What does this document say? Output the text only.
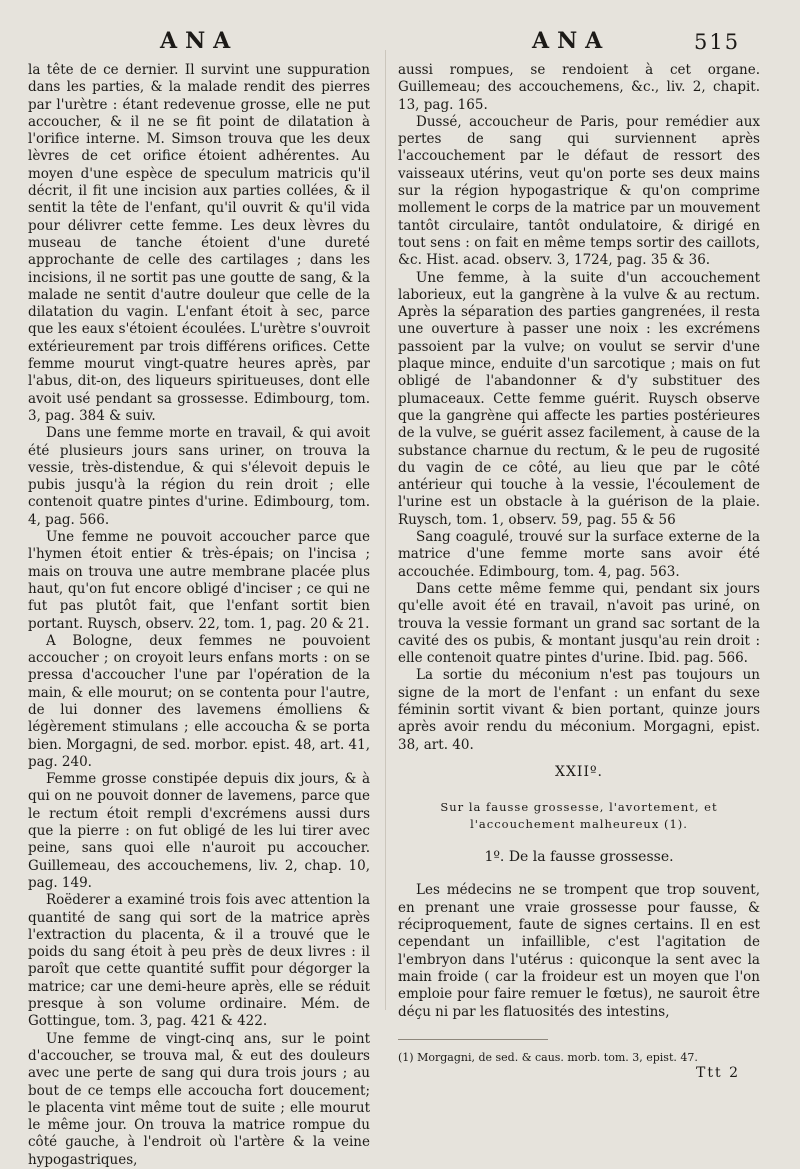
ANA	ANA	515

la tête de ce dernier. Il survint une suppuration dans les parties, & la malade rendit des pierres par l'urètre : étant redevenue grosse, elle ne put accoucher, & il ne se fit point de dilatation à l'orifice interne. M. Simson trouva que les deux lèvres de cet orifice étoient adhérentes. Au moyen d'une espèce de speculum matricis qu'il décrit, il fit une incision aux parties collées, & il sentit la tête de l'enfant, qu'il ouvrit & qu'il vida pour délivrer cette femme. Les deux lèvres du museau de tanche étoient d'une dureté approchante de celle des cartilages ; dans les incisions, il ne sortit pas une goutte de sang, & la malade ne sentit d'autre douleur que celle de la dilatation du vagin. L'enfant étoit à sec, parce que les eaux s'étoient écoulées. L'urètre s'ouvroit extérieurement par trois différens orifices. Cette femme mourut vingt-quatre heures après, par l'abus, dit-on, des liqueurs spiritueuses, dont elle avoit usé pendant sa grossesse. Edimbourg, tom. 3, pag. 384 & suiv.

Dans une femme morte en travail, & qui avoit été plusieurs jours sans uriner, on trouva la vessie, très-distendue, & qui s'élevoit depuis le pubis jusqu'à la région du rein droit ; elle contenoit quatre pintes d'urine. Edimbourg, tom. 4, pag. 566.

Une femme ne pouvoit accoucher parce que l'hymen étoit entier & très-épais; on l'incisa ; mais on trouva une autre membrane placée plus haut, qu'on fut encore obligé d'inciser ; ce qui ne fut pas plutôt fait, que l'enfant sortit bien portant. Ruysch, observ. 22, tom. 1, pag. 20 & 21.

A Bologne, deux femmes ne pouvoient accoucher ; on croyoit leurs enfans morts : on se pressa d'accoucher l'une par l'opération de la main, & elle mourut; on se contenta pour l'autre, de lui donner des lavemens émolliens & légèrement stimulans ; elle accoucha & se porta bien. Morgagni, de sed. morbor. epist. 48, art. 41, pag. 240.

Femme grosse constipée depuis dix jours, & à qui on ne pouvoit donner de lavemens, parce que le rectum étoit rempli d'excrémens aussi durs que la pierre : on fut obligé de les lui tirer avec peine, sans quoi elle n'auroit pu accoucher. Guillemeau, des accouchemens, liv. 2, chap. 10, pag. 149.

Roëderer a examiné trois fois avec attention la quantité de sang qui sort de la matrice après l'extraction du placenta, & il a trouvé que le poids du sang étoit à peu près de deux livres : il paroît que cette quantité suffit pour dégorger la matrice; car une demi-heure après, elle se réduit presque à son volume ordinaire. Mém. de Gottingue, tom. 3, pag. 421 & 422.

Une femme de vingt-cinq ans, sur le point d'accoucher, se trouva mal, & eut des douleurs avec une perte de sang qui dura trois jours ; au bout de ce temps elle accoucha fort doucement; le placenta vint même tout de suite ; elle mourut le même jour. On trouva la matrice rompue du côté gauche, à l'endroit où l'artère & la veine hypogastriques,

aussi rompues, se rendoient à cet organe. Guillemeau; des accouchemens, &c., liv. 2, chapit. 13, pag. 165.

Dussé, accoucheur de Paris, pour remédier aux pertes de sang qui surviennent après l'accouchement par le défaut de ressort des vaisseaux utérins, veut qu'on porte ses deux mains sur la région hypogastrique & qu'on comprime mollement le corps de la matrice par un mouvement tantôt circulaire, tantôt ondulatoire, & dirigé en tout sens : on fait en même temps sortir des caillots, &c. Hist. acad. observ. 3, 1724, pag. 35 & 36.

Une femme, à la suite d'un accouchement laborieux, eut la gangrène à la vulve & au rectum. Après la séparation des parties gangrenées, il resta une ouverture à passer une noix : les excrémens passoient par la vulve; on voulut se servir d'une plaque mince, enduite d'un sarcotique ; mais on fut obligé de l'abandonner & d'y substituer des plumaceaux. Cette femme guérit. Ruysch observe que la gangrène qui affecte les parties postérieures de la vulve, se guérit assez facilement, à cause de la substance charnue du rectum, & le peu de rugosité du vagin de ce côté, au lieu que par le côté antérieur qui touche à la vessie, l'écoulement de l'urine est un obstacle à la guérison de la plaie. Ruysch, tom. 1, observ. 59, pag. 55 & 56

Sang coagulé, trouvé sur la surface externe de la matrice d'une femme morte sans avoir été accouchée. Edimbourg, tom. 4, pag. 563.

Dans cette même femme qui, pendant six jours qu'elle avoit été en travail, n'avoit pas uriné, on trouva la vessie formant un grand sac sortant de la cavité des os pubis, & montant jusqu'au rein droit : elle contenoit quatre pintes d'urine. Ibid. pag. 566.

La sortie du méconium n'est pas toujours un signe de la mort de l'enfant : un enfant du sexe féminin sortit vivant & bien portant, quinze jours après avoir rendu du méconium. Morgagni, epist. 38, art. 40.

XXIIº.
Sur la fausse grossesse, l'avortement, et l'accouchement malheureux (1).
1º. De la fausse grossesse.

Les médecins ne se trompent que trop souvent, en prenant une vraie grossesse pour fausse, & réciproquement, faute de signes certains. Il en est cependant un infaillible, c'est l'agitation de l'embryon dans l'utérus : quiconque la sent avec la main froide ( car la froideur est un moyen que l'on emploie pour faire remuer le fœtus), ne sauroit être déçu ni par les flatuosités des intestins,

(1) Morgagni, de sed. & caus. morb. tom. 3, epist. 47.
Ttt 2
